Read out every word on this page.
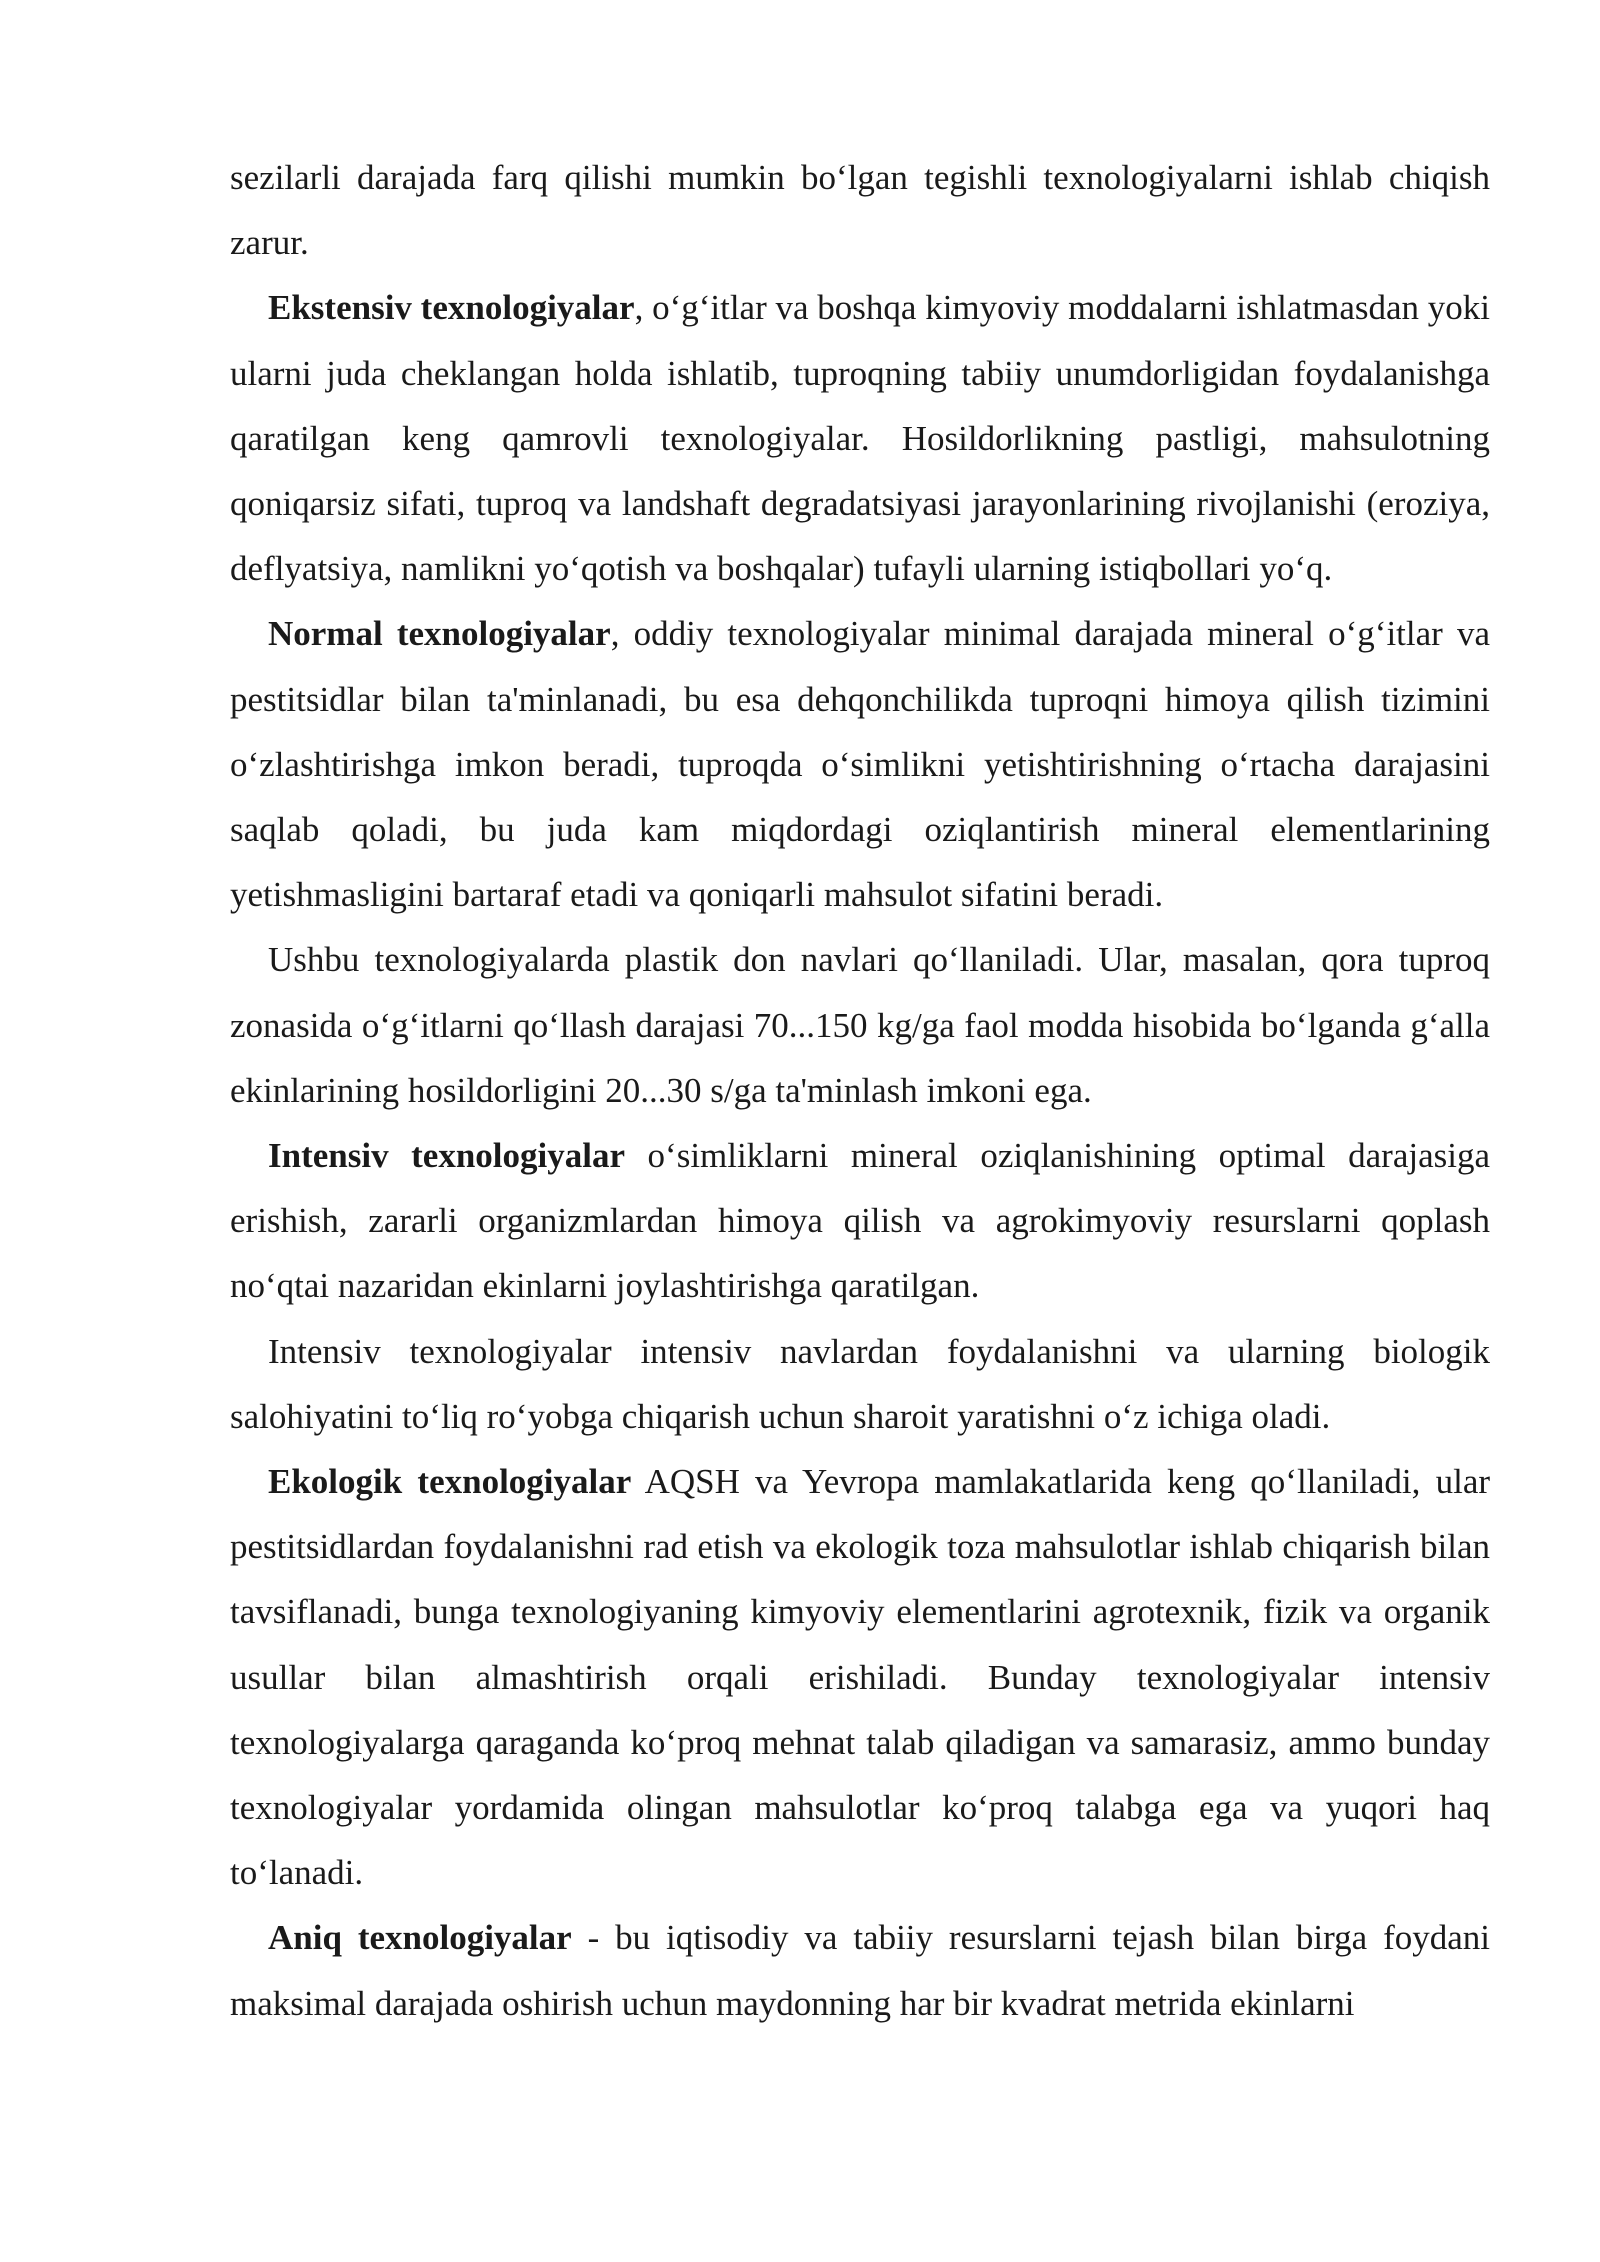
sezilarli darajada farq qilishi mumkin bo‘lgan tegishli texnologiyalarni ishlab chiqish zarur.

Ekstensiv texnologiyalar, o‘g‘itlar va boshqa kimyoviy moddalarni ishlatmasdan yoki ularni juda cheklangan holda ishlatib, tuproqning tabiiy unumdorligidan foydalanishga qaratilgan keng qamrovli texnologiyalar. Hosildorlikning pastligi, mahsulotning qoniqarsiz sifati, tuproq va landshaft degradatsiyasi jarayonlarining rivojlanishi (eroziya, deflyatsiya, namlikni yo‘qotish va boshqalar) tufayli ularning istiqbollari yo‘q.

Normal texnologiyalar, oddiy texnologiyalar minimal darajada mineral o‘g‘itlar va pestitsidlar bilan ta'minlanadi, bu esa dehqonchilikda tuproqni himoya qilish tizimini o‘zlashtirishga imkon beradi, tuproqda o‘simlikni yetishtirishning o‘rtacha darajasini saqlab qoladi, bu juda kam miqdordagi oziqlantirish mineral elementlarining yetishmasligini bartaraf etadi va qoniqarli mahsulot sifatini beradi.

Ushbu texnologiyalarda plastik don navlari qo‘llaniladi. Ular, masalan, qora tuproq zonasida o‘g‘itlarni qo‘llash darajasi 70...150 kg/ga faol modda hisobida bo‘lganda g‘alla ekinlarining hosildorligini 20...30 s/ga ta'minlash imkoni ega.

Intensiv texnologiyalar o‘simliklarni mineral oziqlanishining optimal darajasiga erishish, zararli organizmlardan himoya qilish va agrokimyoviy resurslarni qoplash no‘qtai nazaridan ekinlarni joylashtirishga qaratilgan.

Intensiv texnologiyalar intensiv navlardan foydalanishni va ularning biologik salohiyatini to‘liq ro‘yobga chiqarish uchun sharoit yaratishni o‘z ichiga oladi.

Ekologik texnologiyalar AQSH va Yevropa mamlakatlarida keng qo‘llaniladi, ular pestitsidlardan foydalanishni rad etish va ekologik toza mahsulotlar ishlab chiqarish bilan tavsiflanadi, bunga texnologiyaning kimyoviy elementlarini agrotexnik, fizik va organik usullar bilan almashtirish orqali erishiladi. Bunday texnologiyalar intensiv texnologiyalarga qaraganda ko‘proq mehnat talab qiladigan va samarasiz, ammo bunday texnologiyalar yordamida olingan mahsulotlar ko‘proq talabga ega va yuqori haq to‘lanadi.

Aniq texnologiyalar - bu iqtisodiy va tabiiy resurslarni tejash bilan birga foydani maksimal darajada oshirish uchun maydonning har bir kvadrat metrida ekinlarni
